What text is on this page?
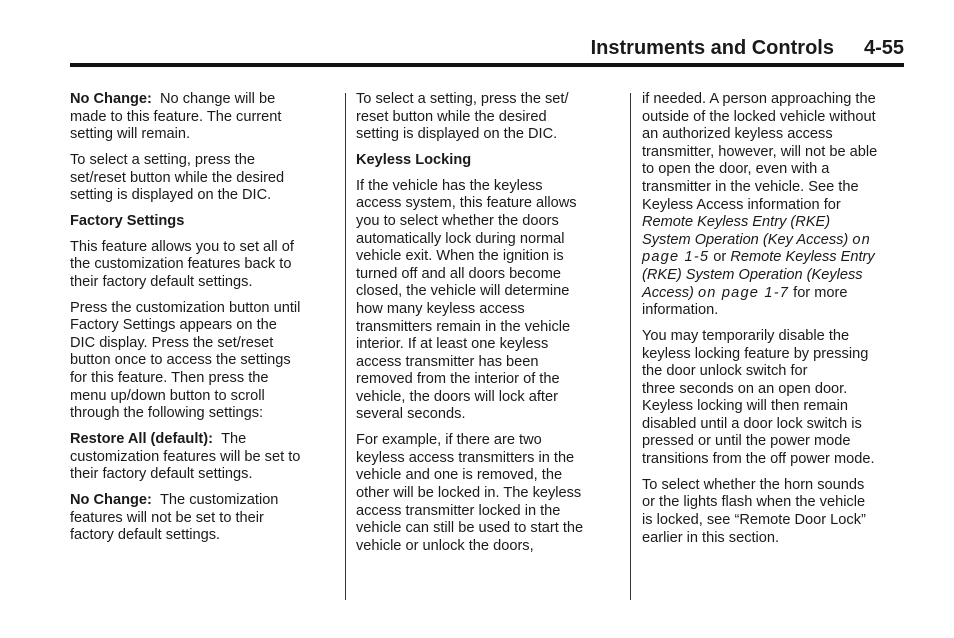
Instruments and Controls 4-55

No Change: No change will be
made to this feature. The current
setting will remain.

To select a setting, press the
set/reset button while the desired
setting is displayed on the DIC.

Factory Settings

This feature allows you to set all of
the customization features back to
their factory default settings.

Press the customization button until
Factory Settings appears on the
DIC display. Press the set/reset
button once to access the settings
for this feature. Then press the
menu up/down button to scroll
through the following settings:

Restore All (default): The
customization features will be set to
their factory default settings.

No Change: The customization
features will not be set to their
factory default settings.

To select a setting, press the set/
reset button while the desired
setting is displayed on the DIC.

Keyless Locking

If the vehicle has the keyless
access system, this feature allows
you to select whether the doors
automatically lock during normal
vehicle exit. When the ignition is
turned off and all doors become
closed, the vehicle will determine
how many keyless access
transmitters remain in the vehicle
interior. If at least one keyless
access transmitter has been
removed from the interior of the
vehicle, the doors will lock after
several seconds.

For example, if there are two
keyless access transmitters in the
vehicle and one is removed, the
other will be locked in. The keyless
access transmitter locked in the
vehicle can still be used to start the
vehicle or unlock the doors,

if needed. A person approaching the
outside of the locked vehicle without
an authorized keyless access
transmitter, however, will not be able
to open the door, even with a
transmitter in the vehicle. See the
Keyless Access information for
Remote Keyless Entry (RKE)
System Operation (Key Access) on
page 1-5 or Remote Keyless Entry
(RKE) System Operation (Keyless
Access) on page 1-7 for more
information.

You may temporarily disable the
keyless locking feature by pressing
the door unlock switch for
three seconds on an open door.
Keyless locking will then remain
disabled until a door lock switch is
pressed or until the power mode
transitions from the off power mode.

To select whether the horn sounds
or the lights flash when the vehicle
is locked, see “Remote Door Lock”
earlier in this section.
